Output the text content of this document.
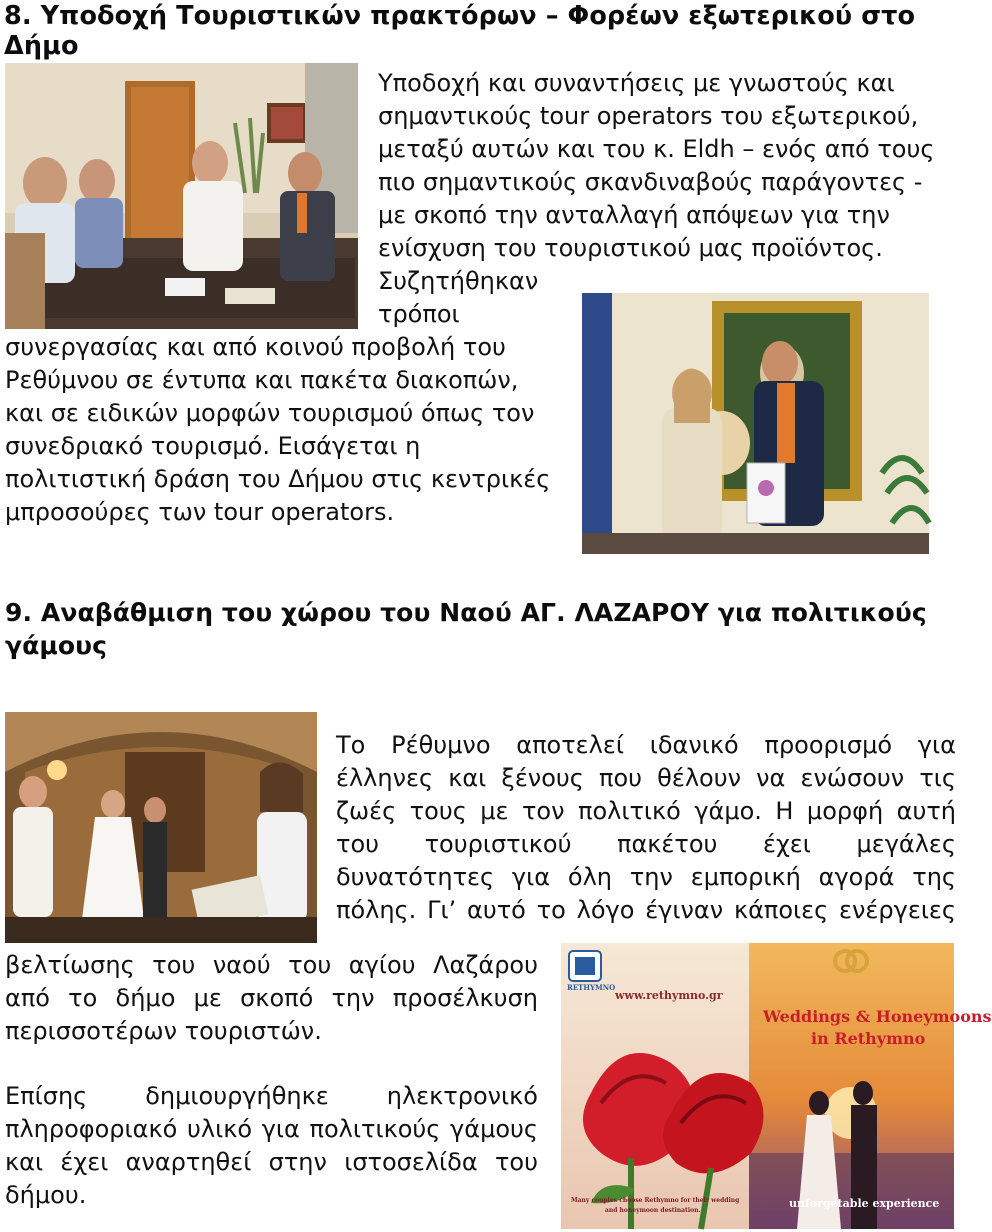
8. Υποδοχή Τουριστικών πρακτόρων – Φορέων εξωτερικού στο Δήμο

Υποδοχή και συναντήσεις με γνωστούς και

σημαντικούς tour operators του εξωτερικού,

μεταξύ αυτών και του κ. Eldh – ενός από τους

πιο σημαντικούς σκανδιναβούς παράγοντες -

με σκοπό την ανταλλαγή απόψεων για την

ενίσχυση του τουριστικού μας προϊόντος.

Συζητήθηκαν

τρόποι

συνεργασίας και από κοινού προβολή του

Ρεθύμνου σε έντυπα και πακέτα διακοπών,

και σε ειδικών μορφών τουρισμού όπως τον

συνεδριακό τουρισμό. Εισάγεται η

πολιτιστική δράση του Δήμου στις κεντρικές

μπροσούρες των tour operators.

9. Αναβάθμιση του χώρου του Ναού ΑΓ. ΛΑΖΑΡΟΥ για πολιτικούς
γάμους

Το Ρέθυμνο αποτελεί ιδανικό προορισμό για

έλληνες και ξένους που θέλουν να ενώσουν τις

ζωές τους με τον πολιτικό γάμο. Η μορφή αυτή

του τουριστικού πακέτου έχει μεγάλες

δυνατότητες για όλη την εμπορική αγορά της

πόλης. Γι’ αυτό το λόγο έγιναν κάποιες ενέργειες

βελτίωσης του ναού του αγίου Λαζάρου

από το δήμο με σκοπό την προσέλκυση

περισσοτέρων τουριστών.

Επίσης δημιουργήθηκε ηλεκτρονικό

πληροφοριακό υλικό για πολιτικούς γάμους

και έχει αναρτηθεί στην ιστοσελίδα του

δήμου.

RETHYMNO
www.rethymno.gr
Weddings & Honeymoons
in Rethymno
Many couples choose Rethymno for their wedding
and honeymoon destination.
unforgetable experience
